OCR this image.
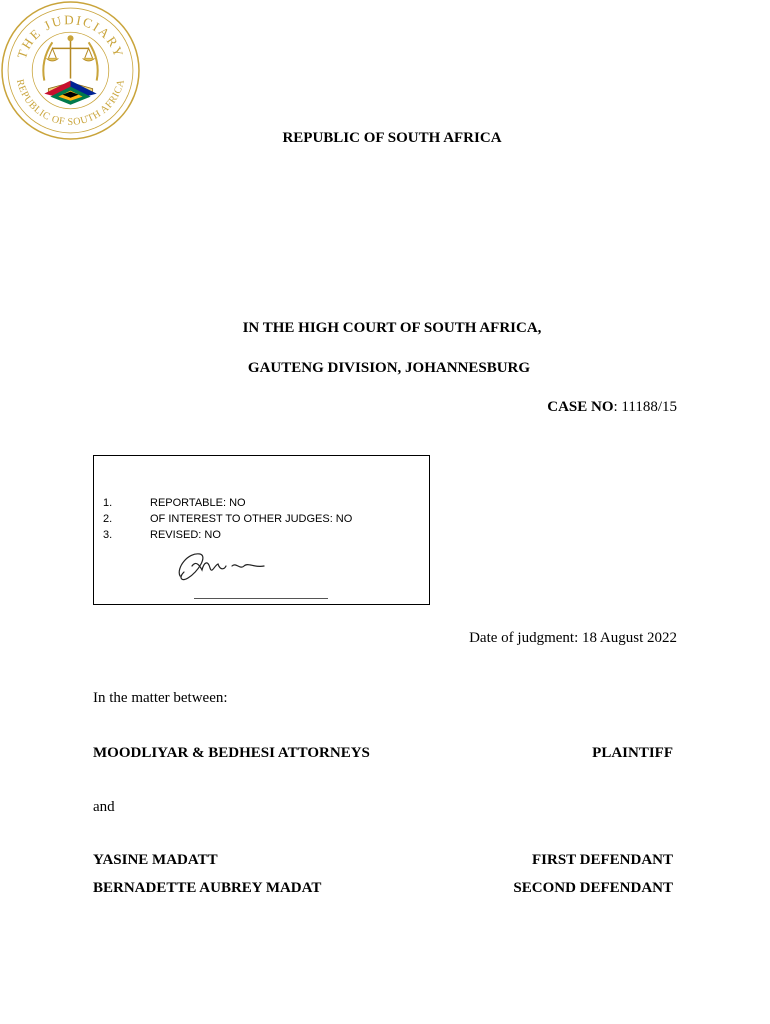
REPUBLIC OF SOUTH AFRICA
THE JUDICIARY
REPUBLIC OF SOUTH AFRICA
IN THE HIGH COURT OF SOUTH AFRICA,
GAUTENG DIVISION, JOHANNESBURG
CASE NO: 11188/15
1.	REPORTABLE: NO
2.	OF INTEREST TO OTHER JUDGES: NO
3.	REVISED: NO
Date of judgment: 18 August 2022
In the matter between:
MOODLIYAR & BEDHESI ATTORNEYS	PLAINTIFF
and
YASINE MADATT	FIRST DEFENDANT
BERNADETTE AUBREY MADAT	SECOND DEFENDANT
